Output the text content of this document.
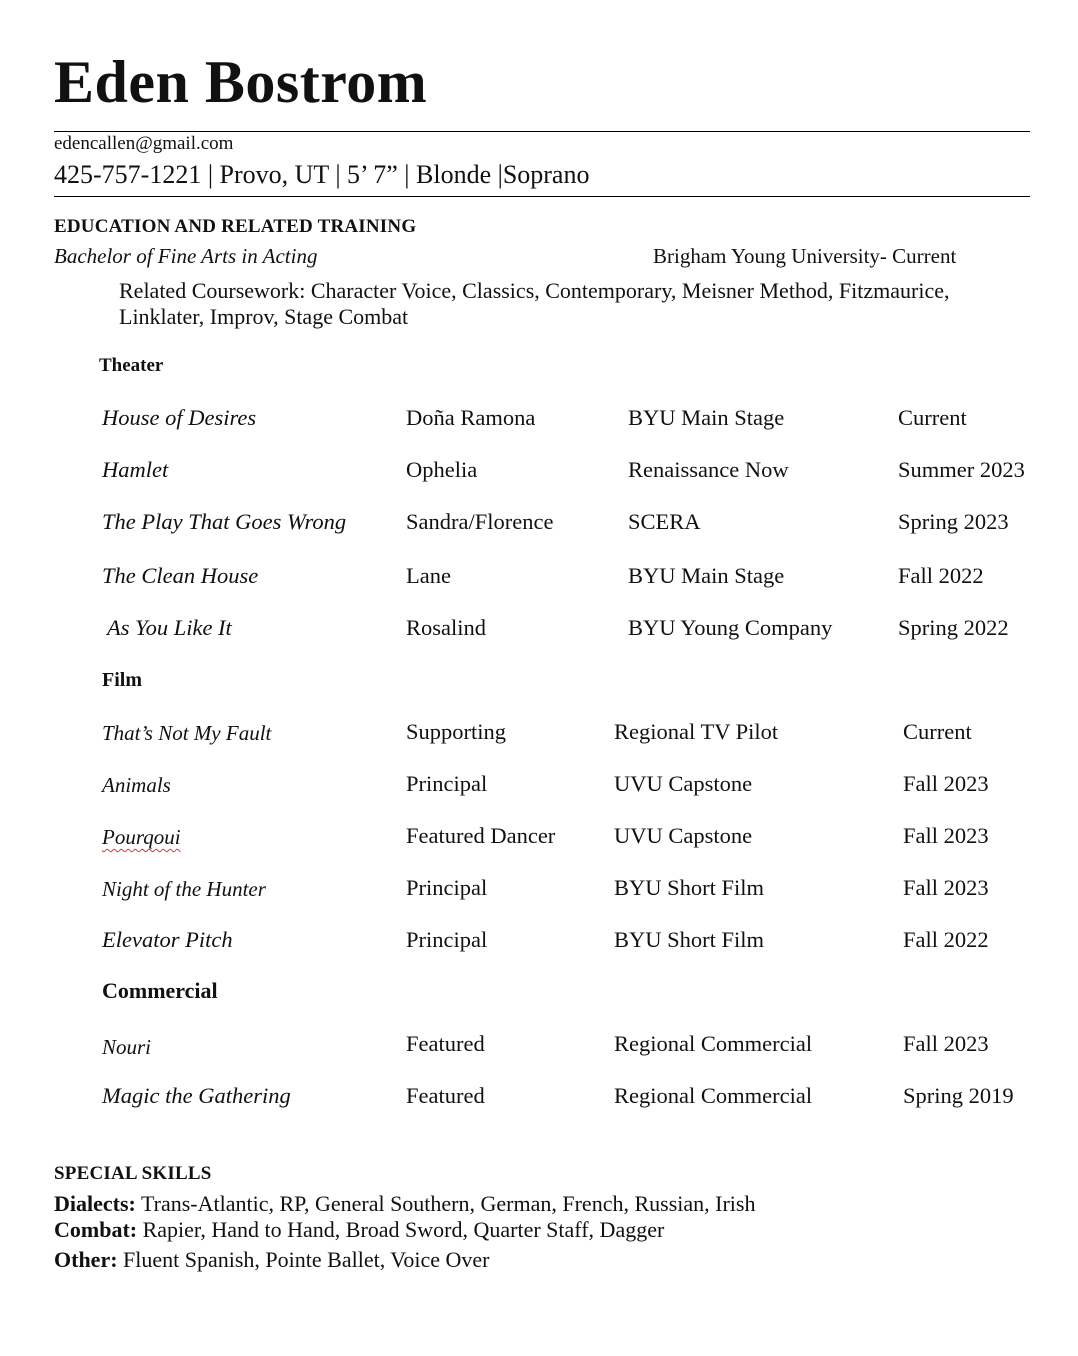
Eden Bostrom
edencallen@gmail.com
425-757-1221 | Provo, UT | 5’ 7” | Blonde |Soprano
EDUCATION AND RELATED TRAINING
Bachelor of Fine Arts in Acting	Brigham Young University- Current
Related Coursework: Character Voice, Classics, Contemporary, Meisner Method, Fitzmaurice,
Linklater, Improv, Stage Combat
Theater
House of Desires	Doña Ramona	BYU Main Stage	Current
Hamlet	Ophelia	Renaissance Now	Summer 2023
The Play That Goes Wrong	Sandra/Florence	SCERA	Spring 2023
The Clean House	Lane	BYU Main Stage	Fall 2022
As You Like It	Rosalind	BYU Young Company	Spring 2022
Film
That’s Not My Fault	Supporting	Regional TV Pilot	Current
Animals	Principal	UVU Capstone	Fall 2023
Pourqoui	Featured Dancer	UVU Capstone	Fall 2023
Night of the Hunter	Principal	BYU Short Film	Fall 2023
Elevator Pitch	Principal	BYU Short Film	Fall 2022
Commercial
Nouri	Featured	Regional Commercial	Fall 2023
Magic the Gathering	Featured	Regional Commercial	Spring 2019
SPECIAL SKILLS
Dialects: Trans-Atlantic, RP, General Southern, German, French, Russian, Irish
Combat: Rapier, Hand to Hand, Broad Sword, Quarter Staff, Dagger
Other: Fluent Spanish, Pointe Ballet, Voice Over
